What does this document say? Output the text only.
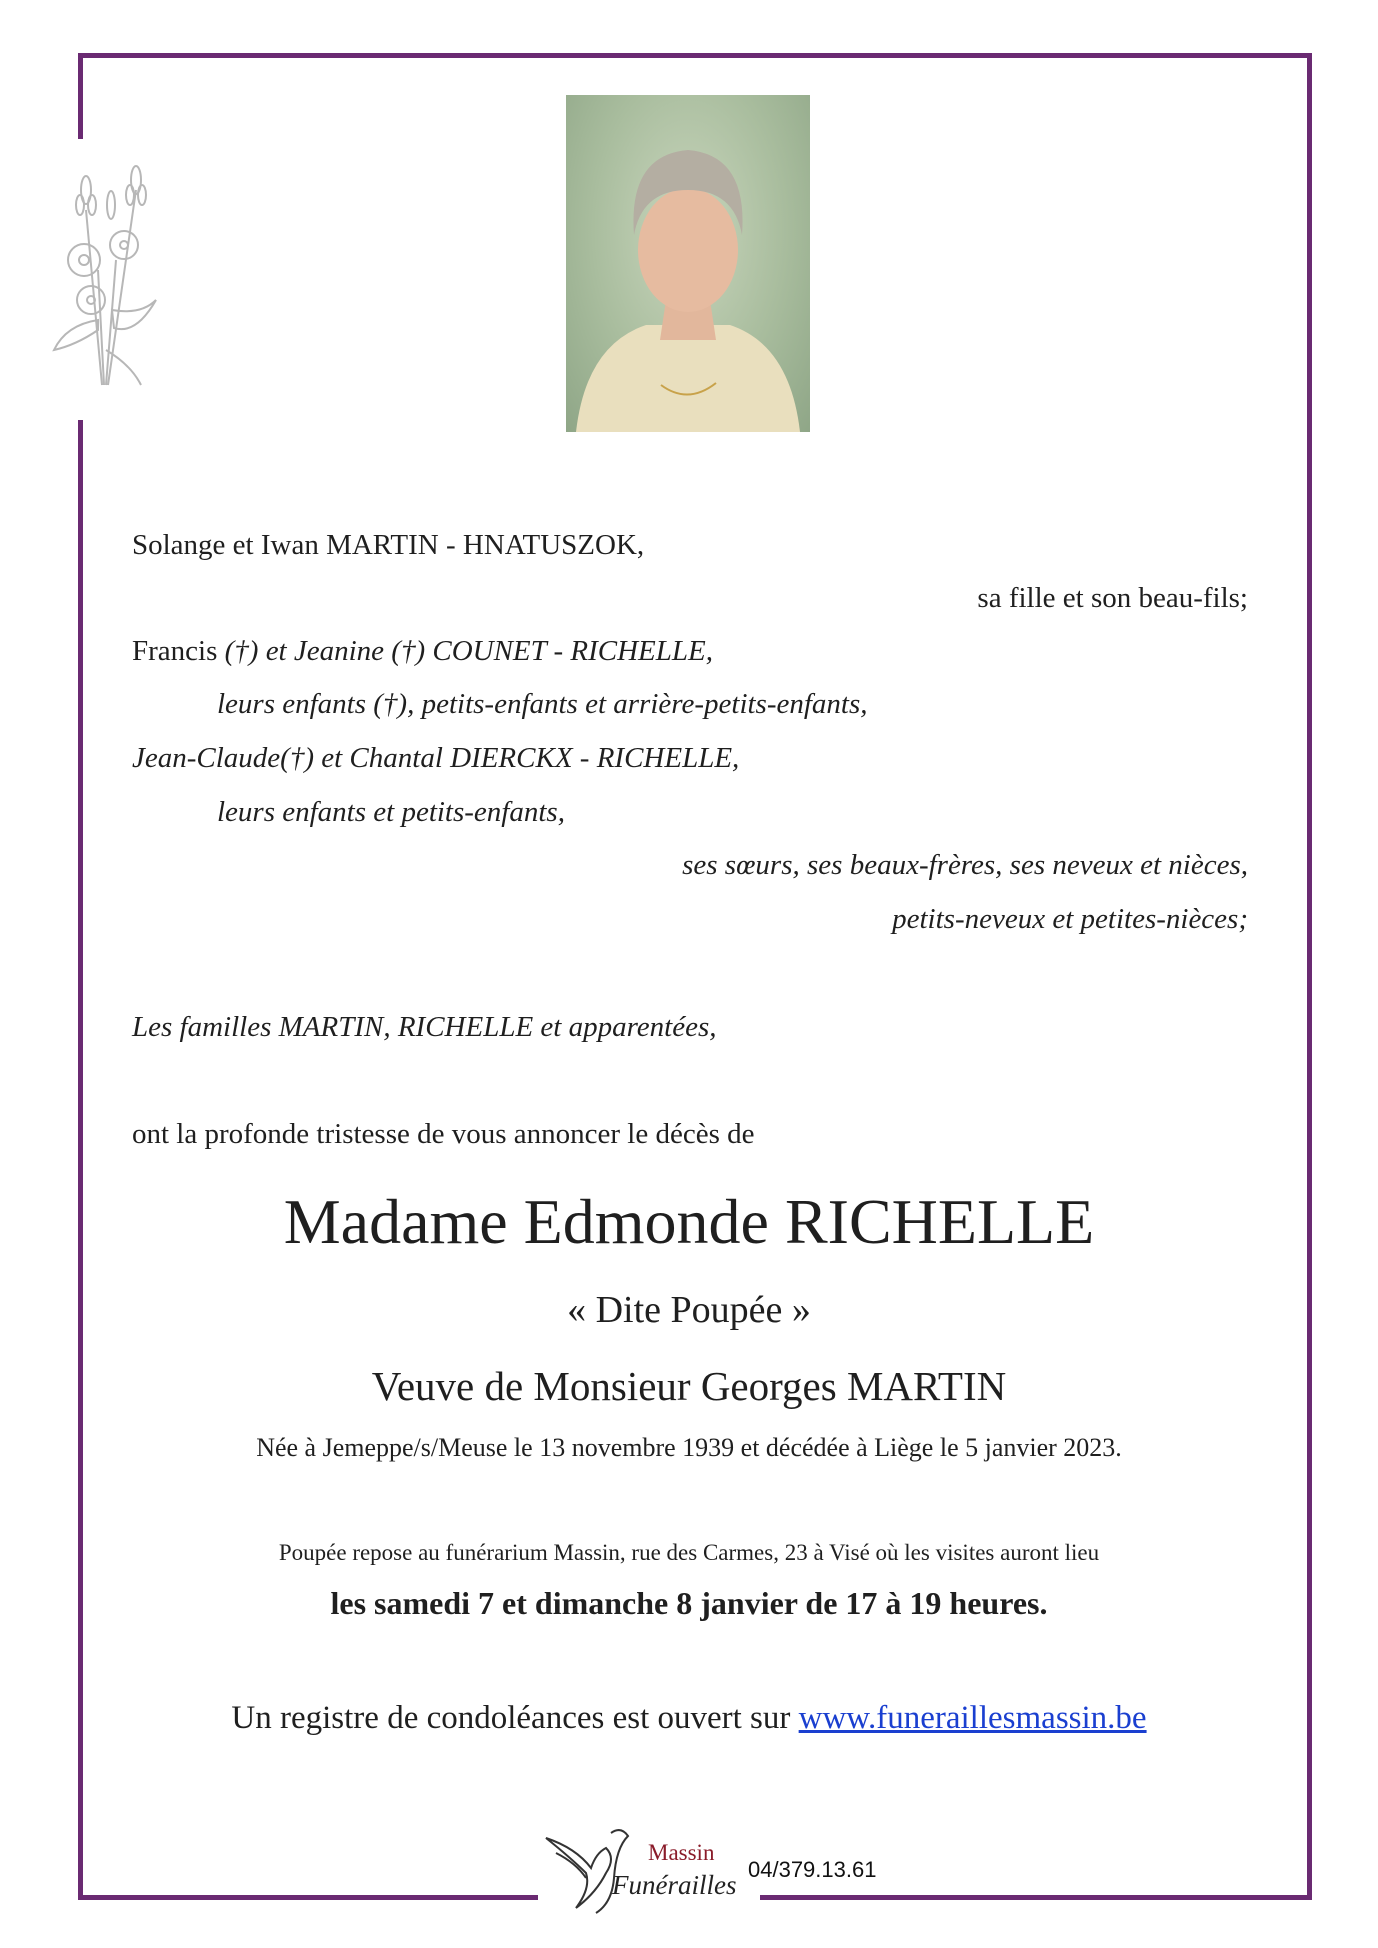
Solange et Iwan MARTIN - HNATUSZOK,
sa fille et son beau-fils;
Francis (†) et Jeanine (†) COUNET - RICHELLE,
leurs enfants (†), petits-enfants et arrière-petits-enfants,
Jean-Claude(†) et Chantal DIERCKX - RICHELLE,
leurs enfants et petits-enfants,
ses sœurs, ses beaux-frères, ses neveux et nièces,
petits-neveux et petites-nièces;
Les familles MARTIN, RICHELLE et apparentées,
ont la profonde tristesse de vous annoncer le décès de
Madame Edmonde RICHELLE
« Dite Poupée »
Veuve de Monsieur Georges MARTIN
Née à Jemeppe/s/Meuse le 13 novembre 1939 et décédée à Liège le 5 janvier 2023.
Poupée repose au funérarium Massin, rue des Carmes, 23 à Visé où les visites auront lieu
les samedi 7 et dimanche 8 janvier de 17 à 19 heures.
Un registre de condoléances est ouvert sur www.funeraillesmassin.be
Massin
Funérailles
04/379.13.61
